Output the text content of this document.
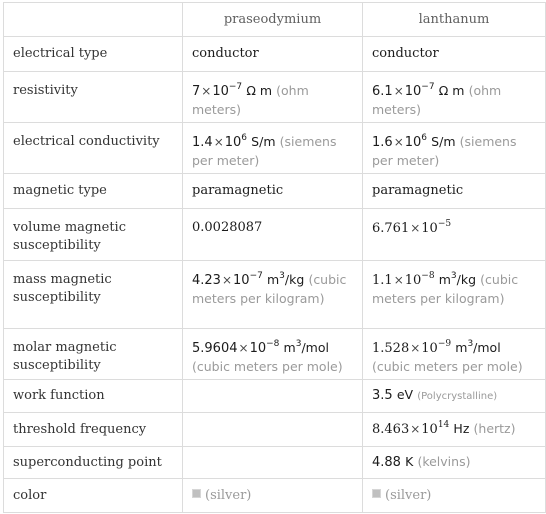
	praseodymium	lanthanum
electrical type	conductor	conductor
resistivity	$7\times 10^{-7}$ Ω m (ohm meters)	$6.1\times 10^{-7}$ Ω m (ohm meters)
electrical conductivity	$1.4\times 10^6$ S/m (siemens per meter)	$1.6\times 10^6$ S/m (siemens per meter)
magnetic type	paramagnetic	paramagnetic
volume magnetic susceptibility	0.0028087	$6.761\times 10^{-5}$
mass magnetic susceptibility	$4.23\times 10^{-7}$ $m^3/kg$ (cubic meters per kilogram)	$1.1\times 10^{-8}$ $m^3/kg$ (cubic meters per kilogram)
molar magnetic susceptibility	$5.9604\times 10^{-8}$ $m^3$/mol (cubic meters per mole)	$1.528\times 10^{-9}$ $m^3$/mol (cubic meters per mole)
work function		3.5 eV (Polycrystalline)
threshold frequency		$8.463\times 10^{14}$ Hz (hertz)
superconducting point		4.88 K (kelvins)
color	(silver)	(silver)
